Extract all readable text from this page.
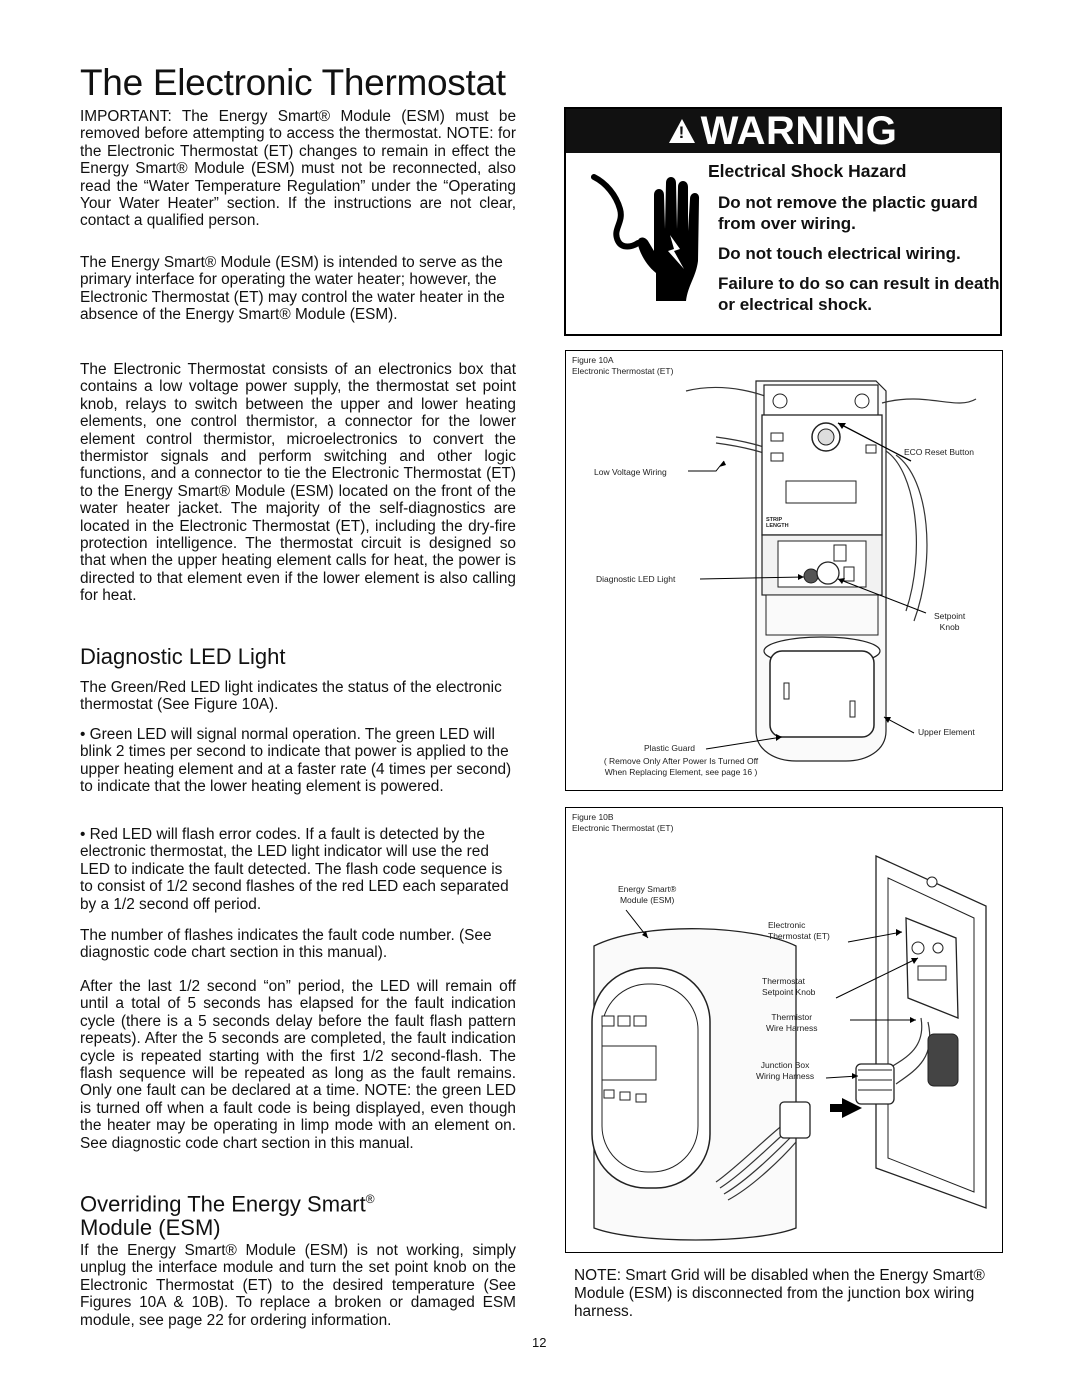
The Electronic Thermostat

IMPORTANT: The Energy Smart® Module (ESM) must be removed before attempting to access the thermostat. NOTE: for the Electronic Thermostat (ET) changes to remain in effect the Energy Smart® Module (ESM) must not be reconnected, also read the “Water Temperature Regulation” under the “Operating Your Water Heater” section. If the instructions are not clear, contact a qualified person.

The Energy Smart® Module (ESM) is intended to serve as the primary interface for operating the water heater; however, the Electronic Thermostat (ET) may control the water heater in the absence of the Energy Smart® Module (ESM).

The Electronic Thermostat consists of an electronics box that contains a low voltage power supply, the thermostat set point knob, relays to switch between the upper and lower heating elements, one control thermistor, a connector for the lower element control thermistor, microelectronics to convert the thermistor signals and perform switching and other logic functions, and a connector to tie the Electronic Thermostat (ET) to the Energy Smart® Module (ESM) located on the front of the water heater jacket. The majority of the self-diagnostics are located in the Electronic Thermostat (ET), including the dry-fire protection intelligence. The thermostat circuit is designed so that when the upper heating element calls for heat, the power is directed to that element even if the lower element is also calling for heat.

Diagnostic LED Light

The Green/Red LED light indicates the status of the electronic thermostat (See Figure 10A).

• Green LED will signal normal operation. The green LED will blink 2 times per second to indicate that power is applied to the upper heating element and at a faster rate (4 times per second) to indicate that the lower heating element is powered.
• Red LED will flash error codes. If a fault is detected by the electronic thermostat, the LED light indicator will use the red LED to indicate the fault detected. The flash code sequence is to consist of 1/2 second flashes of the red LED each separated by a 1/2 second off period.

The number of flashes indicates the fault code number. (See diagnostic code chart section in this manual).

After the last 1/2 second “on” period, the LED will remain off until a total of 5 seconds has elapsed for the fault indication cycle (there is a 5 seconds delay before the fault flash pattern repeats). After the 5 seconds are completed, the fault indication cycle is repeated starting with the first 1/2 second-flash. The flash sequence will be repeated as long as the fault remains. Only one fault can be declared at a time. NOTE: the green LED is turned off when a fault code is being displayed, even though the heater may be operating in limp mode with an element on. See diagnostic code chart section in this manual.

Overriding The Energy Smart®
Module (ESM)

If the Energy Smart® Module (ESM) is not working, simply unplug the interface module and turn the set point knob on the Electronic Thermostat (ET) to the desired temperature (See Figures 10A & 10B). To replace a broken or damaged ESM module, see page 22 for ordering information.

12
! WARNING
Electrical Shock Hazard

Do not remove the plactic guard from over wiring.

Do not touch electrical wiring.

Failure to do so can result in death or electrical shock.

Figure 10A
Electronic Thermostat (ET)
ECO Reset Button
Low Voltage Wiring
STRIP
LENGTH
Diagnostic LED Light
Setpoint
Knob
Upper Element
Plastic Guard
( Remove Only After Power Is Turned Off
When Replacing Element, see page 16 )
Figure 10B
Electronic Thermostat (ET)
Energy Smart®
Module (ESM)
Electronic
Thermostat (ET)
Thermostat
Setpoint Knob
Thermistor
Wire Harness
Junction Box
Wiring Harness
NOTE: Smart Grid will be disabled when the Energy Smart® Module (ESM) is disconnected from the junction box wiring harness.
